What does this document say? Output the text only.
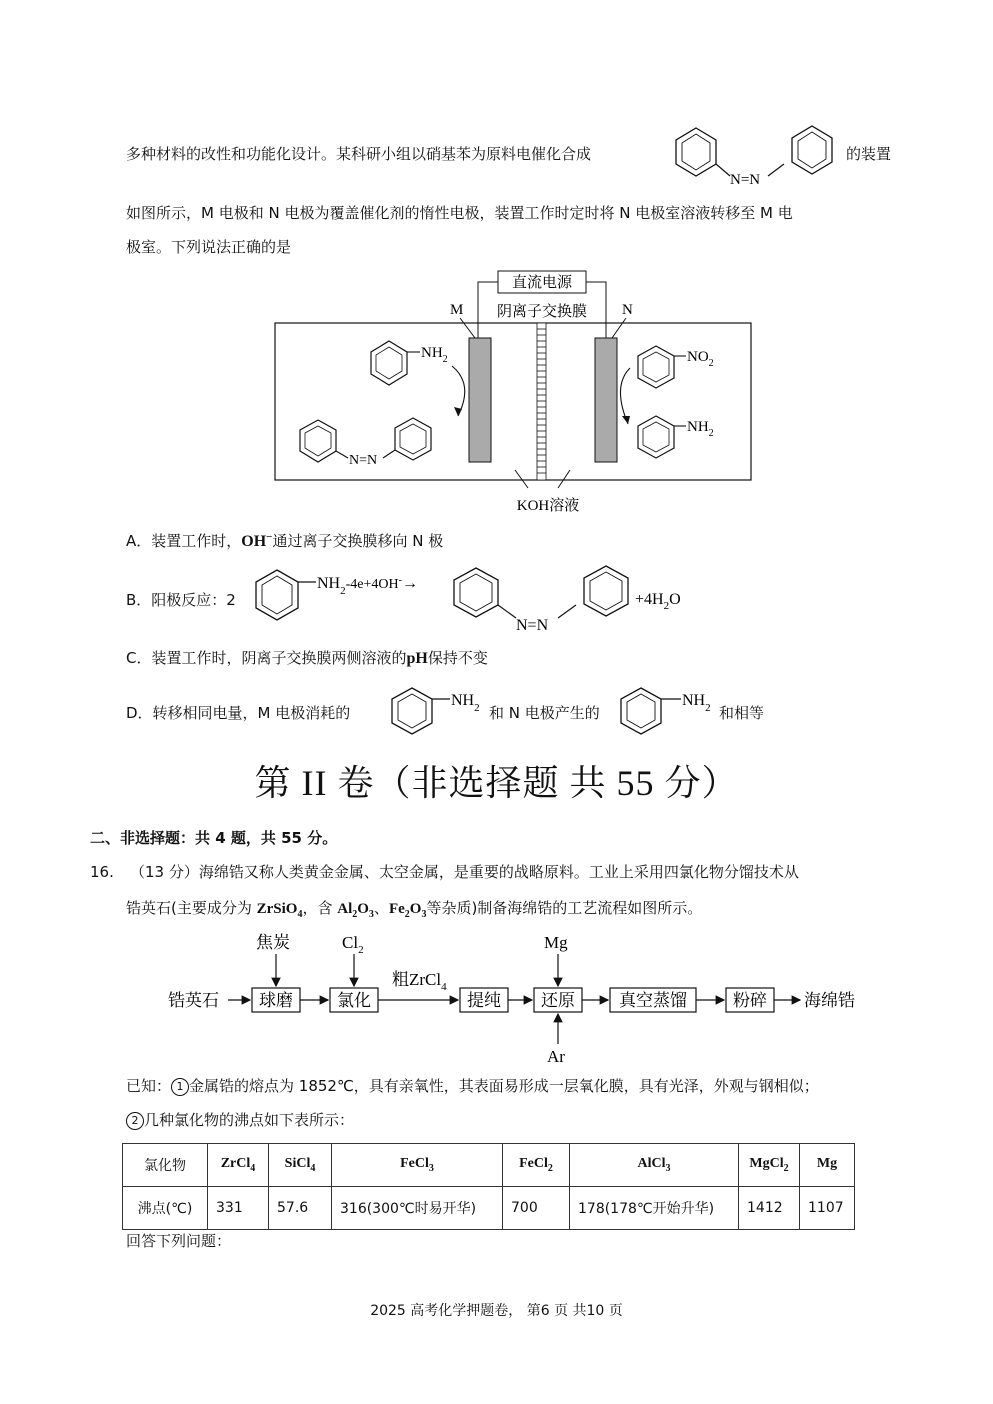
多种材料的改性和功能化设计。某科研小组以硝基苯为原料电催化合成
N=N
的装置
如图所示，M 电极和 N 电极为覆盖催化剂的惰性电极，装置工作时定时将 N 电极室溶液转移至 M 电
极室。下列说法正确的是
直流电源
阴离子交换膜
M	N
KOH溶液
$NH_2$
N=N
$NO_2$
$NH_2$
A．装置工作时，OH−通过离子交换膜移向 N 极
B．阳极反应：2
$NH_2-4e+4OH^-\to$
N=N
$+4H_2O$
C．装置工作时，阴离子交换膜两侧溶液的pH保持不变
D．转移相同电量，M 电极消耗的
$NH_2$	$NH_2$
和 N 电极产生的	和相等
第 II 卷（非选择题 共 55 分）
二、非选择题：共 4 题，共 55 分。
16. （13 分）海绵锆又称人类黄金金属、太空金属，是重要的战略原料。工业上采用四氯化物分馏技术从
锆英石(主要成分为 ZrSiO$_4$，含 $Al_2O_3$、$Fe_2O_3$等杂质)制备海绵锆的工艺流程如图所示。
锆英石 球磨	氯化
粗ZrCl$_4$
提纯 还原	真空蒸馏	粉碎 海绵锆
焦炭	$Cl_2$	Mg
Ar
已知： 1 金属锆的熔点为 1852℃，具有亲氧性，其表面易形成一层氧化膜，具有光泽，外观与钢相似；
2 几种氯化物的沸点如下表所示：
氯化物	ZrCl$_4$	SiCl$_4$	FeCl$_3$	FeCl$_2$	AlCl$_3$	MgCl$_2$	Mg
沸点(℃)	331	57.6	316(300℃时易开华)	700	178(178℃开始升华)	1412	1107
回答下列问题：
2025 高考化学押题卷， 第6 页 共10 页
